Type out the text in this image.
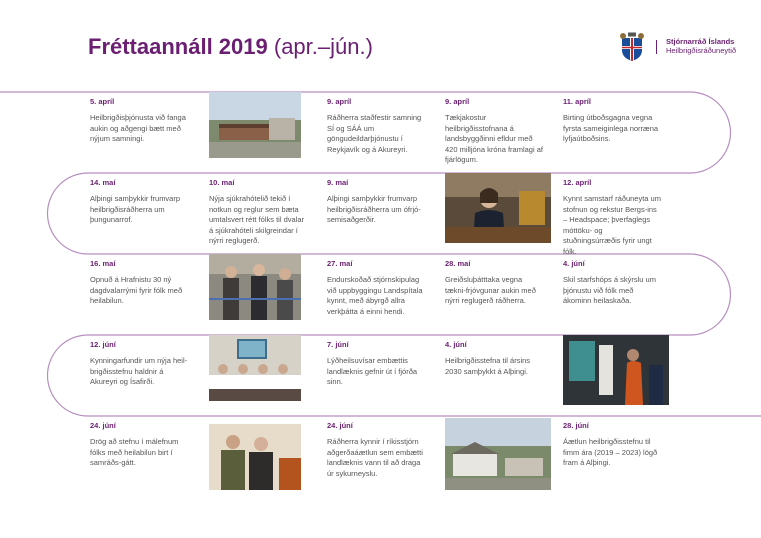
Fréttaannáll 2019 (apr.–jún.)	Stjórnarráð Íslands
Heilbrigðisráðuneytið
5. apríl
Heilbrigðisþjónusta við fanga aukin og aðgengi bætt með nýjum samningi.
9. apríl
Ráðherra staðfestir samning SÍ og SÁÁ um göngudeildarþjónustu í Reykjavík og á Akureyri.
9. apríl
Tækjakostur heilbrigðisstofnana á landsbyggðinni efldur með 420 milljóna króna framlagi af fjárlögum.
11. apríl
Birting útboðsgagna vegna fyrsta sameiginlega norræna lyfjaútboðsins.
14. maí
Alþingi samþykkir frumvarp heilbrigðisráðherra um þungunarrof.
10. maí
Nýja sjúkrahótelið tekið í notkun og reglur sem bæta umtalsvert rétt fólks til dvalar á sjúkrahóteli skilgreindar í nýrri reglugerð.
9. maí
Alþingi samþykkir frumvarp heilbrigðisráðherra um ófrjó-semisaðgerðir.
12. apríl
Kynnt samstarf ráðuneyta um stofnun og rekstur Bergs-ins – Headspace; þverfaglegs móttöku- og stuðningsúrræðis fyrir ungt fólk.
16. maí
Opnuð á Hrafnistu 30 ný dagdvalarrými fyrir fólk með heilabilun.
27. maí
Endurskoðað stjórnskipulag við uppbyggingu Landspítala kynnt, með ábyrgð allra verkþátta á einni hendi.
28. maí
Greiðsluþátttaka vegna tækni-frjóvgunar aukin með nýrri reglugerð ráðherra.
4. júní
Skil starfshóps á skýrslu um þjónustu við fólk með ákominn heilaskaða.
12. júní
Kynningarfundir um nýja heil-brigðisstefnu haldnir á Akureyri og Ísafirði.
7. júní
Lýðheilsuvísar embættis landlæknis gefnir út í fjórða sinn.
4. júní
Heilbrigðisstefna til ársins 2030 samþykkt á Alþingi.
24. júní
Drög að stefnu í málefnum fólks með heilabilun birt í samráðs-gátt.
24. júní
Ráðherra kynnir í ríkisstjórn aðgerðaáætlun sem embætti landlæknis vann til að draga úr sykurneyslu.
28. júní
Áætlun heilbrigðisstefnu til fimm ára (2019 – 2023) lögð fram á Alþingi.
